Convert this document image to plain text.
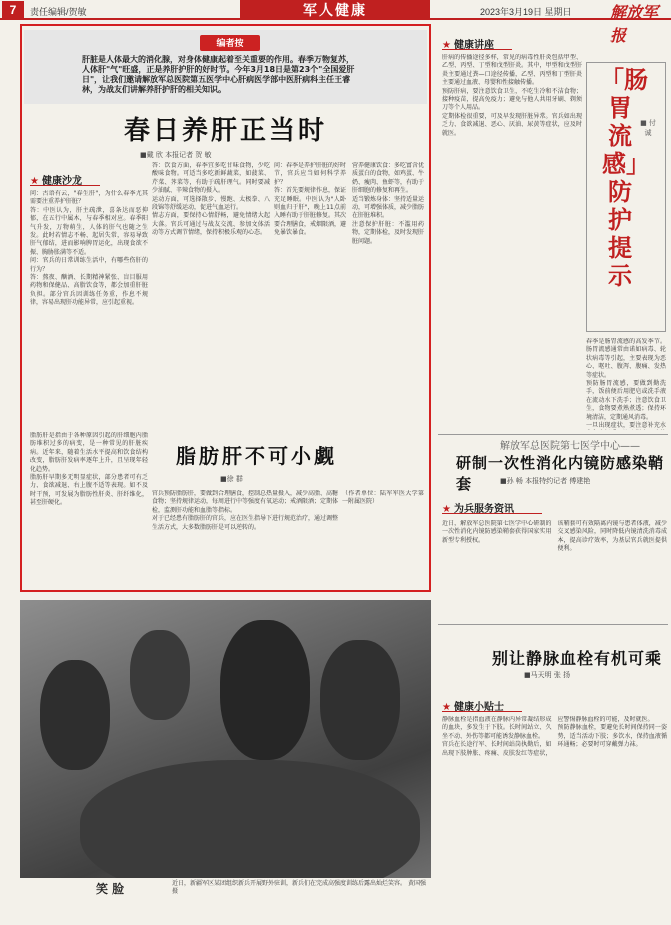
7	责任编辑/贺敏	军人健康	2023年3月19日 星期日 解放军报
编者按
肝脏是人体最大的消化腺，对身体健康起着至关重要的作用。春季万物复苏，人体肝"气"旺盛，正是养肝护肝的好时节。今年3月18日是第23个"全国爱肝日"，让我们邀请解放军总医院第五医学中心肝病医学部中医肝病科主任王睿林，为战友们讲解养肝护肝的相关知识。
春日养肝正当时
■戴 欣 本报记者 贺 敏
★ 健康沙龙
问：古语有云，"春生肝"，为什么春季尤其需要注重养护肝脏？
答：中医认为，肝主疏泄，喜条达而恶抑郁，在五行中属木，与春季相对应。春季阳气升发，万物萌生，人体的肝气也随之生发。此时若情志不畅、起居失常，容易导致肝气郁结，进而影响脾胃运化，出现食欲不振、胸胁胀满等不适。
问：官兵的日常训练生活中，有哪些伤肝的行为？
答：熬夜、酗酒、长期精神紧张、盲目服用药物和保健品、高脂饮食等，都会加重肝脏负担。部分官兵因训练任务重，作息不规律，容易出现肝功能异常，应引起重视。
答：饮食方面，春季宜多吃甘味食物，少吃酸味食物。可适当多吃新鲜蔬菜，如菠菜、芹菜、荠菜等，有助于疏肝理气。同时要减少油腻、辛辣食物的摄入。
运动方面，可选择散步、慢跑、太极拳、八段锦等舒缓运动，促进气血运行。
情志方面，要保持心情舒畅，避免情绪大起大落。官兵可通过与战友交流、参加文体活动等方式调节情绪，保持积极乐观的心态。
问：春季是养护肝脏的好时节，官兵应当如何科学养护？
答：首先要规律作息，保证充足睡眠。中医认为"人卧则血归于肝"，晚上11点前入睡有助于肝脏修复。其次要合理膳食，戒烟限酒，避免暴饮暴食。
营养健康饮食：多吃富含优质蛋白的食物，如鸡蛋、牛奶、瘦肉、鱼虾等，有助于肝细胞的修复和再生。
适当锻炼身体：坚持适量运动，可增强体质，减少脂肪在肝脏堆积。
注意保护肝脏：不滥用药物，定期体检，及时发现肝脏问题。
脂肪肝不可小觑
■徐 群
脂肪肝是指由于各种原因引起的肝细胞内脂肪堆积过多的病变，是一种常见的肝脏疾病。近年来，随着生活水平提高和饮食结构改变，脂肪肝发病率逐年上升，且呈现年轻化趋势。
脂肪肝早期多无明显症状，部分患者可有乏力、食欲减退、右上腹不适等表现。如不及时干预，可发展为脂肪性肝炎、肝纤维化，甚至肝硬化。
官兵预防脂肪肝，要做到合理膳食，控制总热量摄入，减少高脂、高糖食物；坚持规律运动，每周进行中等强度有氧运动；戒酒限酒；定期体检，监测肝功能和血脂等指标。
对于已经患有脂肪肝的官兵，应在医生指导下进行规范治疗，通过调整生活方式，大多数脂肪肝是可以逆转的。
（作者单位：陆军军医大学第一附属医院）
★ 健康讲座
肝病的传播途径多样，常见的病毒性肝炎包括甲型、乙型、丙型、丁型和戊型肝炎。其中，甲型和戊型肝炎主要通过粪—口途径传播，乙型、丙型和丁型肝炎主要通过血液、母婴和性接触传播。
预防肝病，要注意饮食卫生，不吃生冷和不洁食物；接种疫苗，提高免疫力；避免与他人共用牙刷、剃须刀等个人用品。
定期体检很重要，可及早发现肝脏异常。官兵如出现乏力、食欲减退、恶心、厌油、尿黄等症状，应及时就医。
「肠胃流感」防护提示
■ 付 诚
春季是肠胃流感的高发季节。肠胃流感通常由诺如病毒、轮状病毒等引起，主要表现为恶心、呕吐、腹泻、腹痛、发热等症状。
预防肠胃流感，要做到勤洗手，饭前便后用肥皂或洗手液在流动水下洗手；注意饮食卫生，食物要煮熟煮透；保持环境清洁，定期通风消毒。
一旦出现症状，要注意补充水
解放军总医院第七医学中心——
研制一次性消化内镜防感染鞘套	■孙 畅 本报特约记者 傅建艳
★ 为兵服务资讯
近日，解放军总医院第七医学中心研制的一次性消化内镜防感染鞘套获得国家实用新型专利授权。
该鞘套可有效隔离内镜与患者体液，减少交叉感染风险，同时降低内镜清洗消毒成本，提高诊疗效率，为基层官兵就医提供便利。
别让静脉血栓有机可乘
■马天明 张 扬
★ 健康小贴士
静脉血栓是指血液在静脉内异常凝结形成的血块，多发生于下肢。长时间站立、久坐不动、外伤等都可能诱发静脉血栓。
官兵在长途行军、长时间站岗执勤后，如出现下肢肿胀、疼痛、皮肤发红等症状，应警惕静脉血栓的可能，及时就医。
预防静脉血栓，要避免长时间保持同一姿势，适当活动下肢；多饮水，保持血液循环通畅；必要时可穿戴弹力袜。
笑 脸	近日，新疆军区某团组织新兵开展野外驻训，新兵们在完成高强度训练后露出灿烂笑容。 黄国强摄
